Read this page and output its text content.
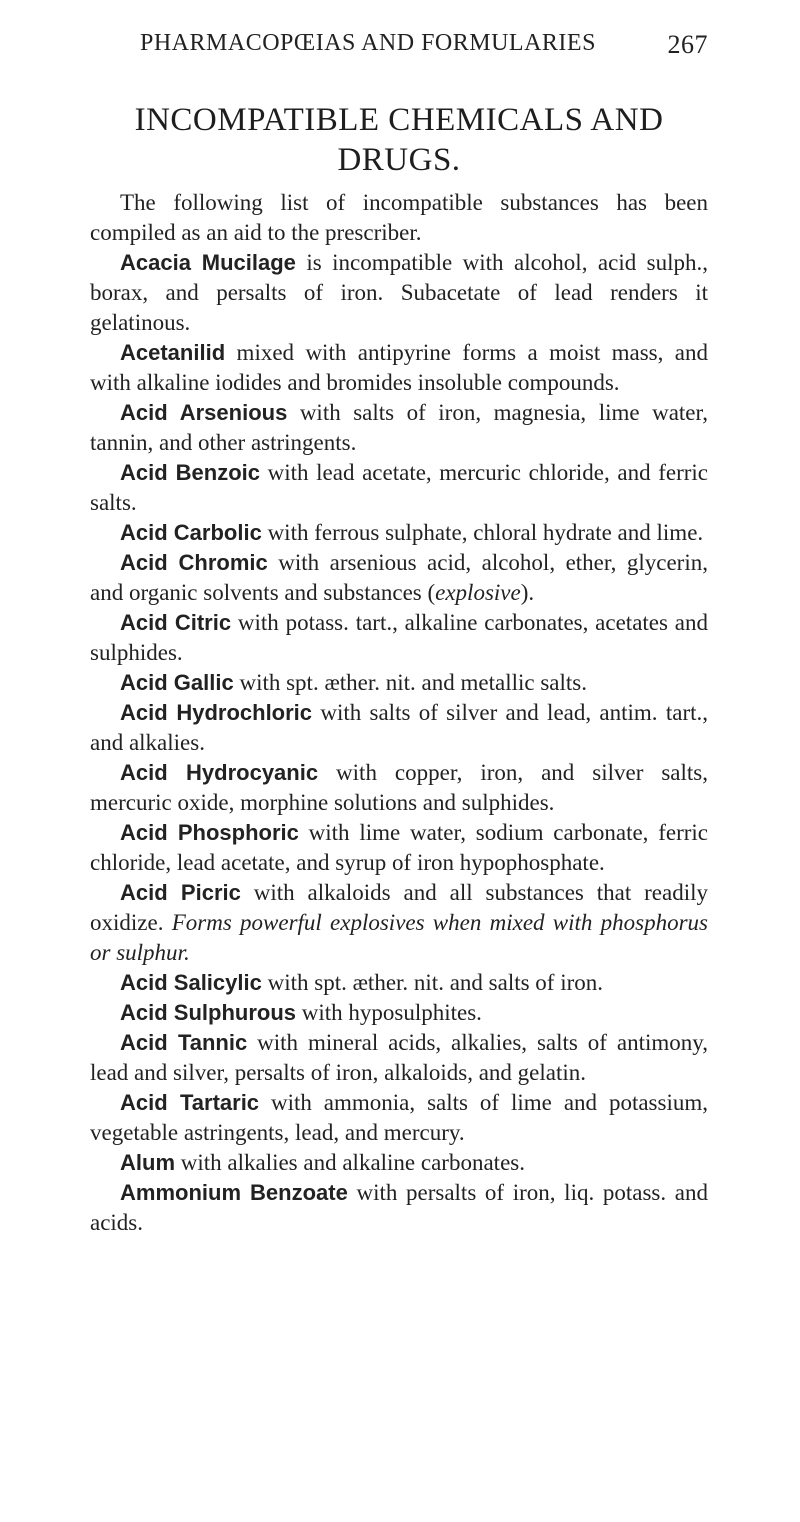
PHARMACOPŒIAS AND FORMULARIES	267
INCOMPATIBLE CHEMICALS AND
DRUGS.

The following list of incompatible substances has been compiled as an aid to the prescriber.

Acacia Mucilage is incompatible with alcohol, acid sulph., borax, and persalts of iron. Subacetate of lead renders it gelatinous.

Acetanilid mixed with antipyrine forms a moist mass, and with alkaline iodides and bromides insoluble compounds.

Acid Arsenious with salts of iron, magnesia, lime water, tannin, and other astringents.

Acid Benzoic with lead acetate, mercuric chloride, and ferric salts.

Acid Carbolic with ferrous sulphate, chloral hydrate and lime.

Acid Chromic with arsenious acid, alcohol, ether, glycerin, and organic solvents and substances (explosive).

Acid Citric with potass. tart., alkaline carbonates, acetates and sulphides.

Acid Gallic with spt. æther. nit. and metallic salts.

Acid Hydrochloric with salts of silver and lead, antim. tart., and alkalies.

Acid Hydrocyanic with copper, iron, and silver salts, mercuric oxide, morphine solutions and sulphides.

Acid Phosphoric with lime water, sodium carbonate, ferric chloride, lead acetate, and syrup of iron hypophosphate.

Acid Picric with alkaloids and all substances that readily oxidize. Forms powerful explosives when mixed with phosphorus or sulphur.

Acid Salicylic with spt. æther. nit. and salts of iron.

Acid Sulphurous with hyposulphites.

Acid Tannic with mineral acids, alkalies, salts of antimony, lead and silver, persalts of iron, alkaloids, and gelatin.

Acid Tartaric with ammonia, salts of lime and potassium, vegetable astringents, lead, and mercury.

Alum with alkalies and alkaline carbonates.

Ammonium Benzoate with persalts of iron, liq. potass. and acids.
